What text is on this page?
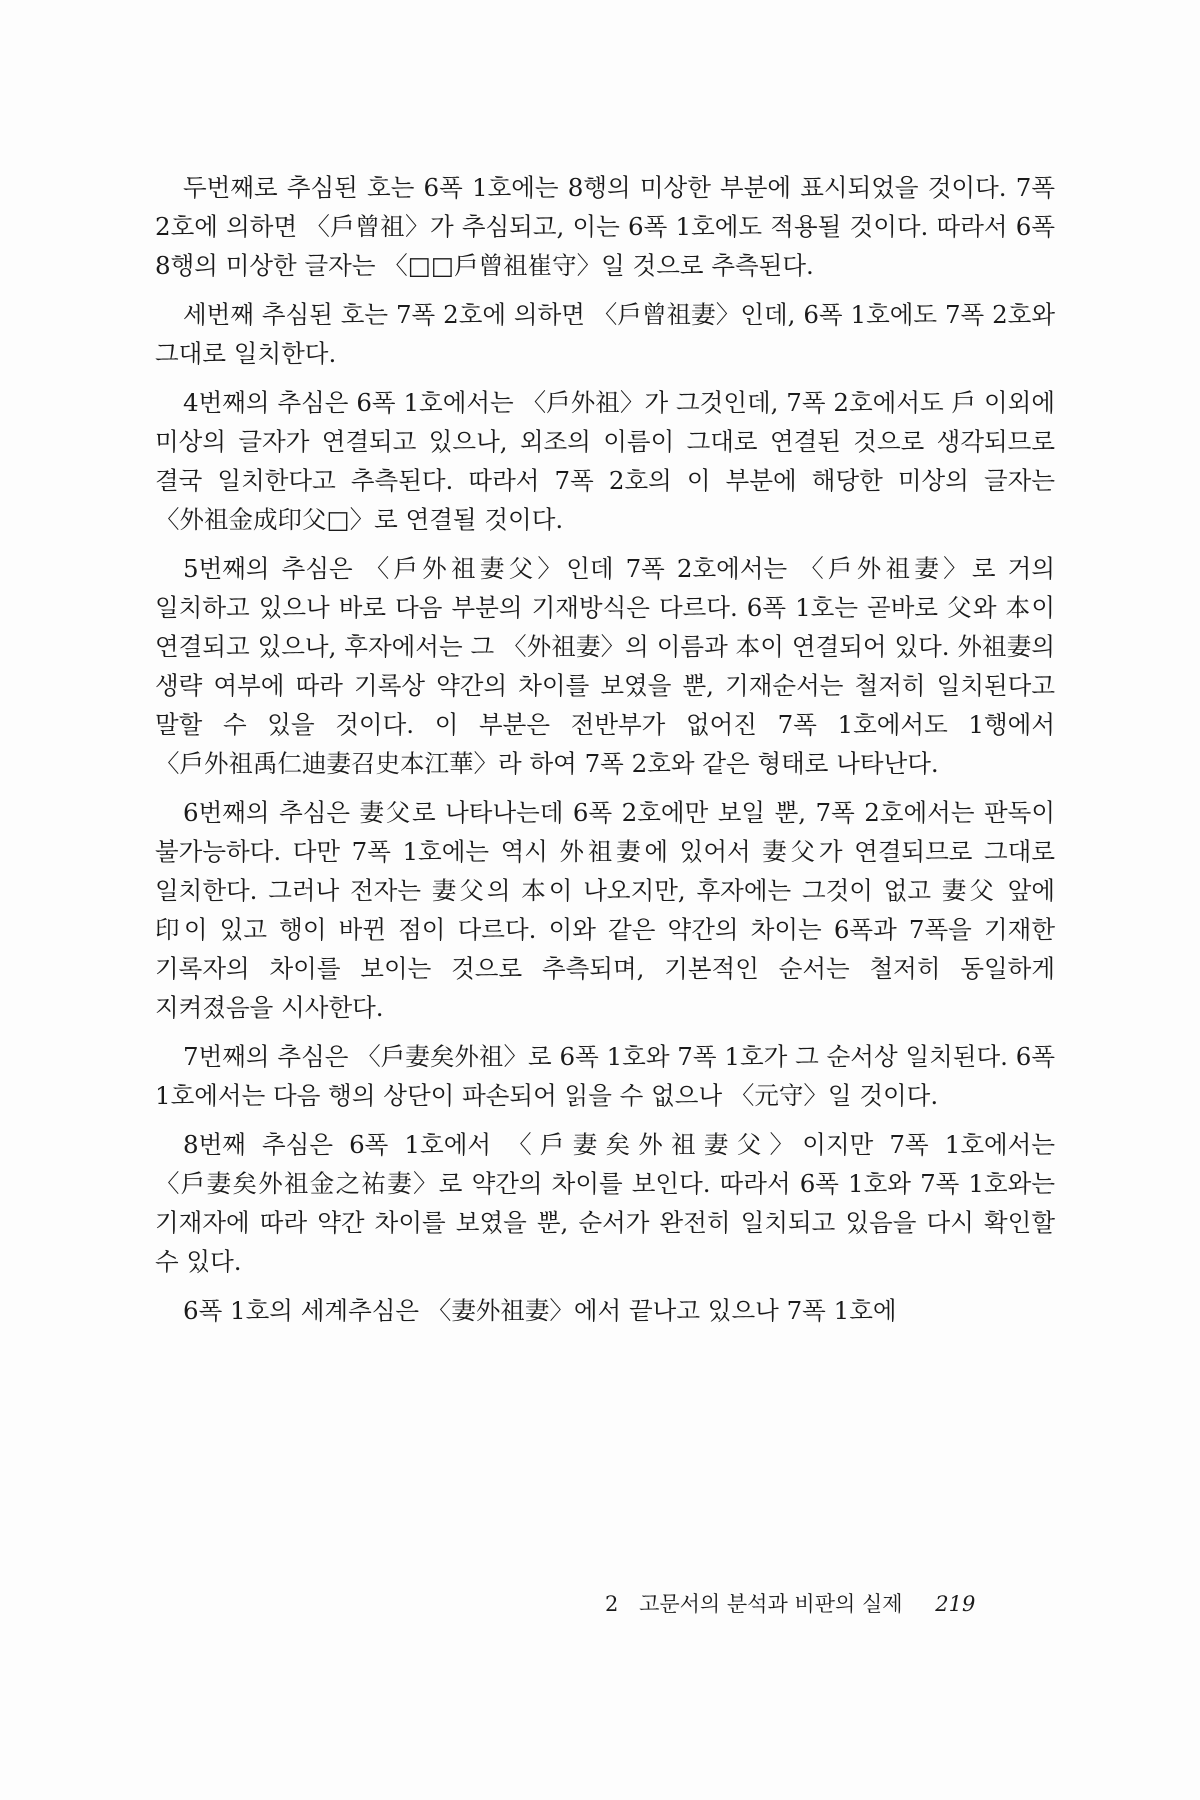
두번째로 추심된 호는 6폭 1호에는 8행의 미상한 부분에 표시되었을 것이다. 7폭 2호에 의하면 〈戶曾祖〉가 추심되고, 이는 6폭 1호에도 적용될 것이다. 따라서 6폭 8행의 미상한 글자는 〈□□戶曾祖崔守〉일 것으로 추측된다.

세번째 추심된 호는 7폭 2호에 의하면 〈戶曾祖妻〉인데, 6폭 1호에도 7폭 2호와 그대로 일치한다.

4번째의 추심은 6폭 1호에서는 〈戶外祖〉가 그것인데, 7폭 2호에서도 戶 이외에 미상의 글자가 연결되고 있으나, 외조의 이름이 그대로 연결된 것으로 생각되므로 결국 일치한다고 추측된다. 따라서 7폭 2호의 이 부분에 해당한 미상의 글자는 〈外祖金成印父□〉로 연결될 것이다.

5번째의 추심은 〈戶外祖妻父〉인데 7폭 2호에서는 〈戶外祖妻〉로 거의 일치하고 있으나 바로 다음 부분의 기재방식은 다르다. 6폭 1호는 곧바로 父와 本이 연결되고 있으나, 후자에서는 그 〈外祖妻〉의 이름과 本이 연결되어 있다. 外祖妻의 생략 여부에 따라 기록상 약간의 차이를 보였을 뿐, 기재순서는 철저히 일치된다고 말할 수 있을 것이다. 이 부분은 전반부가 없어진 7폭 1호에서도 1행에서 〈戶外祖禹仁迪妻召史本江華〉라 하여 7폭 2호와 같은 형태로 나타난다.

6번째의 추심은 妻父로 나타나는데 6폭 2호에만 보일 뿐, 7폭 2호에서는 판독이 불가능하다. 다만 7폭 1호에는 역시 外祖妻에 있어서 妻父가 연결되므로 그대로 일치한다. 그러나 전자는 妻父의 本이 나오지만, 후자에는 그것이 없고 妻父 앞에 印이 있고 행이 바뀐 점이 다르다. 이와 같은 약간의 차이는 6폭과 7폭을 기재한 기록자의 차이를 보이는 것으로 추측되며, 기본적인 순서는 철저히 동일하게 지켜졌음을 시사한다.

7번째의 추심은 〈戶妻矣外祖〉로 6폭 1호와 7폭 1호가 그 순서상 일치된다. 6폭 1호에서는 다음 행의 상단이 파손되어 읽을 수 없으나 〈元守〉일 것이다.

8번째 추심은 6폭 1호에서 〈戶妻矣外祖妻父〉이지만 7폭 1호에서는 〈戶妻矣外祖金之祐妻〉로 약간의 차이를 보인다. 따라서 6폭 1호와 7폭 1호와는 기재자에 따라 약간 차이를 보였을 뿐, 순서가 완전히 일치되고 있음을 다시 확인할 수 있다.

6폭 1호의 세계추심은 〈妻外祖妻〉에서 끝나고 있으나 7폭 1호에

2 고문서의 분석과 비판의 실제 219
